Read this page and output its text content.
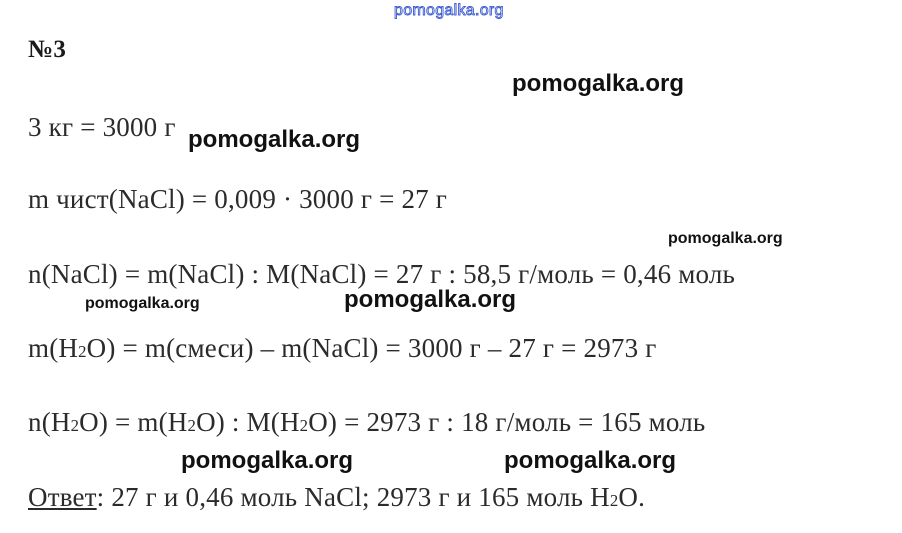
pomogalka.org
№3
3 кг = 3000 г
m чист(NaCl) = 0,009 · 3000 г = 27 г
n(NaCl) = m(NaCl) : M(NaCl) = 27 г : 58,5 г/моль = 0,46 моль
m(H2O) = m(смеси) – m(NaCl) = 3000 г – 27 г = 2973 г
n(H2O) = m(H2O) : M(H2O) = 2973 г : 18 г/моль = 165 моль
Ответ: 27 г и 0,46 моль NaCl; 2973 г и 165 моль H2O.
pomogalka.org
pomogalka.org
pomogalka.org
pomogalka.org
pomogalka.org
pomogalka.org	pomogalka.org
